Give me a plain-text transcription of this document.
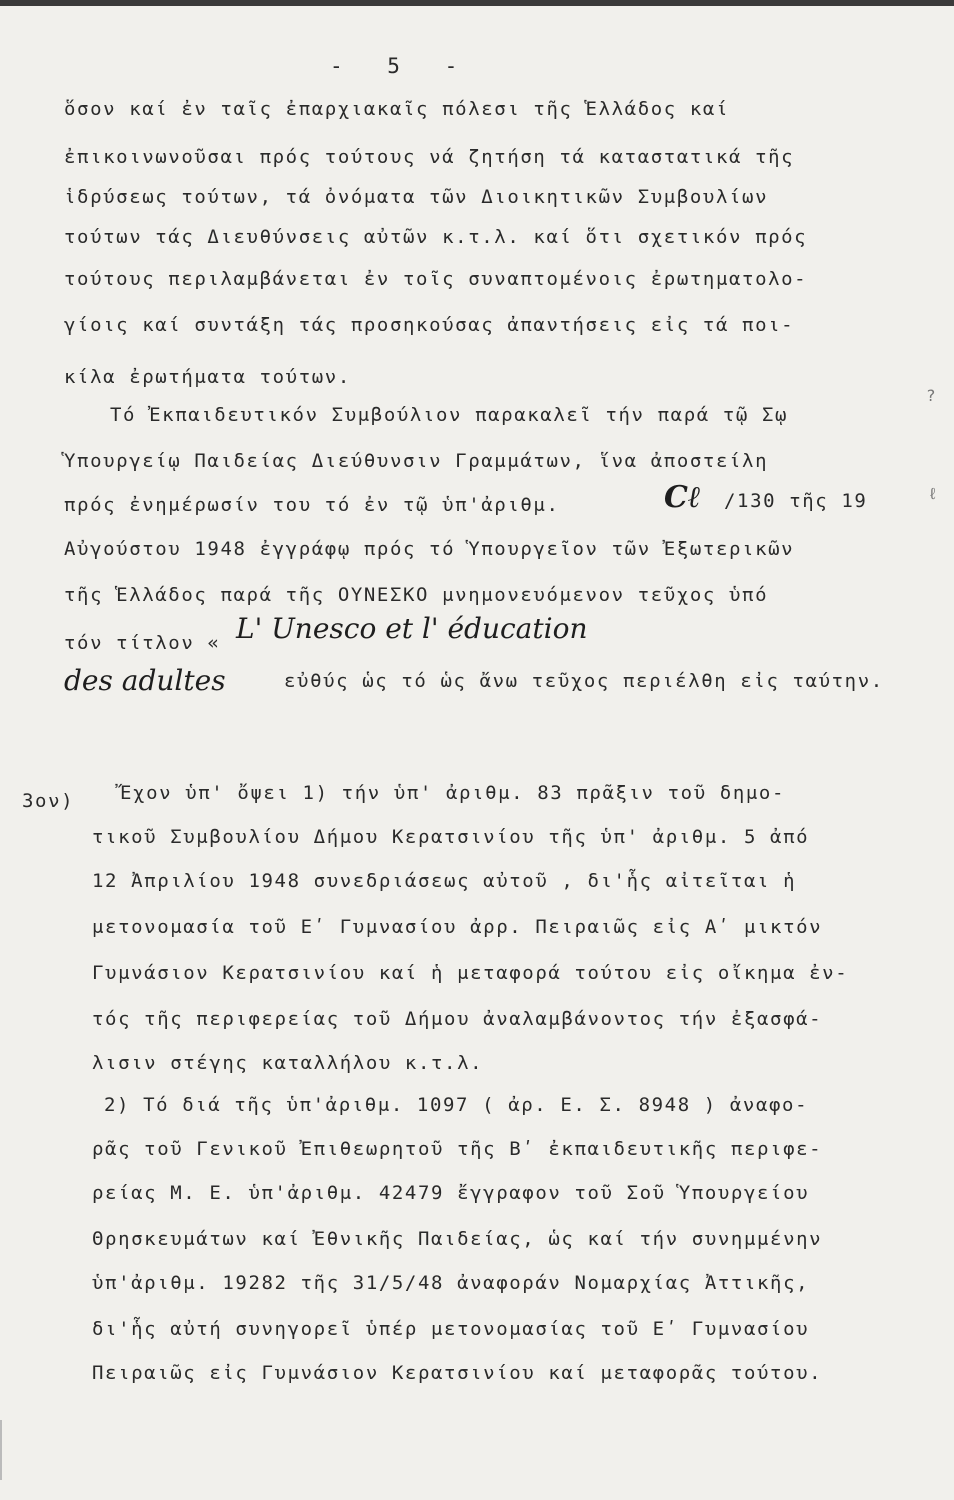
- 5 -
ὅσον καί ἐν ταῖς ἐπαρχιακαῖς πόλεσι τῆς Ἑλλάδος καί
ἐπικοινωνοῦσαι πρός τούτους νά ζητήση τά καταστατικά τῆς
ἱδρύσεως τούτων, τά ὀνόματα τῶν Διοικητικῶν Συμβουλίων
τούτων τάς Διευθύνσεις αὐτῶν κ.τ.λ. καί ὅτι σχετικόν πρός
τούτους περιλαμβάνεται ἐν τοῖς συναπτομένοις ἐρωτηματολο-
γίοις καί συντάξη τάς προσηκούσας ἀπαντήσεις εἰς τά ποι-
κίλα ἐρωτήματα τούτων.
Τό Ἐκπαιδευτικόν Συμβούλιον παρακαλεῖ τήν παρά τῷ Σῳ
Ὑπουργείῳ Παιδείας Διεύθυνσιν Γραμμάτων, ἵνα ἀποστείλη
πρός ἐνημέρωσίν του τό ἐν τῷ ὑπ'ἀριθμ.	Cℓ /130 τῆς 19
Αὐγούστου 1948 ἐγγράφῳ πρός τό Ὑπουργεῖον τῶν Ἐξωτερικῶν
τῆς Ἑλλάδος παρά τῆς ΟΥΝΕΣΚΟ μνημονευόμενον τεῦχος ὑπό
τόν τίτλον « L' Unesco et l' éducation
des adultes	εὐθύς ὡς τό ὡς ἄνω τεῦχος περιέλθη εἰς ταύτην.
3ον) Ἔχον ὑπ' ὄψει 1) τήν ὑπ' ἀριθμ. 83 πρᾶξιν τοῦ δημο-
τικοῦ Συμβουλίου Δήμου Κερατσινίου τῆς ὑπ' ἀριθμ. 5 ἀπό
12 Ἀπριλίου 1948 συνεδριάσεως αὐτοῦ , δι'ἧς αἰτεῖται ἡ
μετονομασία τοῦ Εʹ Γυμνασίου ἀρρ. Πειραιῶς εἰς Αʹ μικτόν
Γυμνάσιον Κερατσινίου καί ἡ μεταφορά τούτου εἰς οἴκημα ἐν-
τός τῆς περιφερείας τοῦ Δήμου ἀναλαμβάνοντος τήν ἐξασφά-
λισιν στέγης καταλλήλου κ.τ.λ.
2) Τό διά τῆς ὑπ'ἀριθμ. 1097 ( ἀρ. Ε. Σ. 8948 ) ἀναφο-
ρᾶς τοῦ Γενικοῦ Ἐπιθεωρητοῦ τῆς Βʹ ἐκπαιδευτικῆς περιφε-
ρείας Μ. Ε. ὑπ'ἀριθμ. 42479 ἔγγραφον τοῦ Σοῦ Ὑπουργείου
Θρησκευμάτων καί Ἐθνικῆς Παιδείας, ὡς καί τήν συνημμένην
ὑπ'ἀριθμ. 19282 τῆς 31/5/48 ἀναφοράν Νομαρχίας Ἀττικῆς,
δι'ἧς αὐτή συνηγορεῖ ὑπέρ μετονομασίας τοῦ Εʹ Γυμνασίου
Πειραιῶς εἰς Γυμνάσιον Κερατσινίου καί μεταφορᾶς τούτου.
?
ℓ
